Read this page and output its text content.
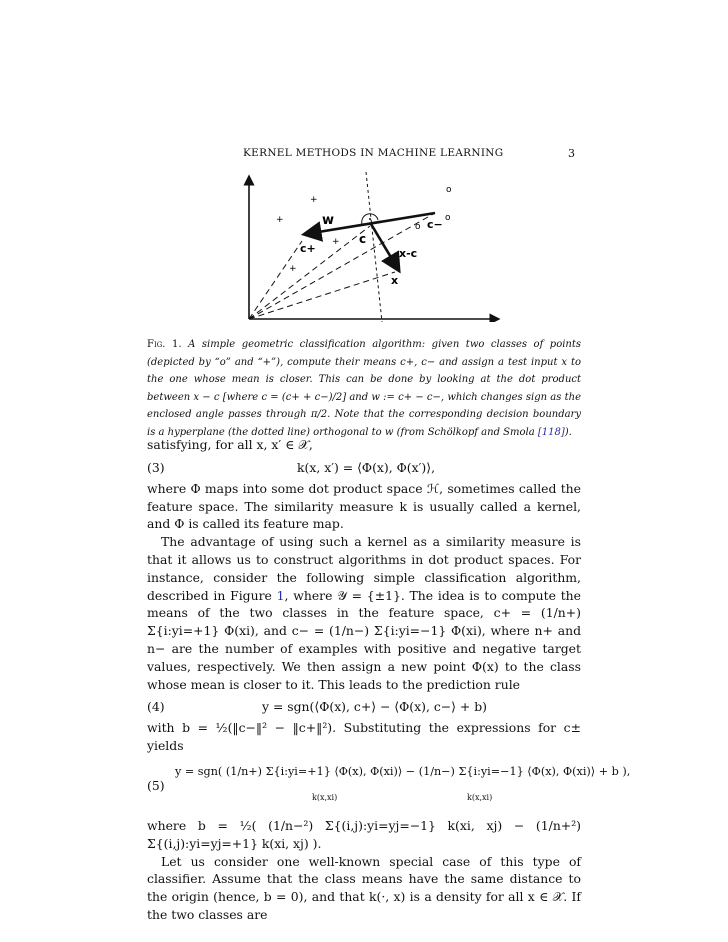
KERNEL METHODS IN MACHINE LEARNING	3
+
+
+
+
o
o
o
w
c
c+
c−
x-c
x
Fig. 1. A simple geometric classification algorithm: given two classes of points (depicted by “o” and “+”), compute their means c+, c− and assign a test input x to the one whose mean is closer. This can be done by looking at the dot product between x − c [where c = (c+ + c−)/2] and w := c+ − c−, which changes sign as the enclosed angle passes through π/2. Note that the corresponding decision boundary is a hyperplane (the dotted line) orthogonal to w (from Schölkopf and Smola [118]).

satisfying, for all x, x′ ∈ 𝒳,

(3)	k(x, x′) = ⟨Φ(x), Φ(x′)⟩,

where Φ maps into some dot product space ℋ, sometimes called the feature space. The similarity measure k is usually called a kernel, and Φ is called its feature map.

The advantage of using such a kernel as a similarity measure is that it allows us to construct algorithms in dot product spaces. For instance, consider the following simple classification algorithm, described in Figure 1, where 𝒴 = {±1}. The idea is to compute the means of the two classes in the feature space, c+ = (1/n+) Σ{i:yi=+1} Φ(xi), and c− = (1/n−) Σ{i:yi=−1} Φ(xi), where n+ and n− are the number of examples with positive and negative target values, respectively. We then assign a new point Φ(x) to the class whose mean is closer to it. This leads to the prediction rule

(4)	y = sgn(⟨Φ(x), c+⟩ − ⟨Φ(x), c−⟩ + b)

with b = ½(‖c−‖² − ‖c+‖²). Substituting the expressions for c± yields

(5)
y = sgn( (1/n+) Σ{i:yi=+1} ⟨Φ(x), Φ(xi)⟩ − (1/n−) Σ{i:yi=−1} ⟨Φ(x), Φ(xi)⟩ + b ),
k(x,xi)	k(x,xi)

where b = ½( (1/n−²) Σ{(i,j):yi=yj=−1} k(xi, xj) − (1/n+²) Σ{(i,j):yi=yj=+1} k(xi, xj) ).

Let us consider one well-known special case of this type of classifier. Assume that the class means have the same distance to the origin (hence, b = 0), and that k(·, x) is a density for all x ∈ 𝒳. If the two classes are
